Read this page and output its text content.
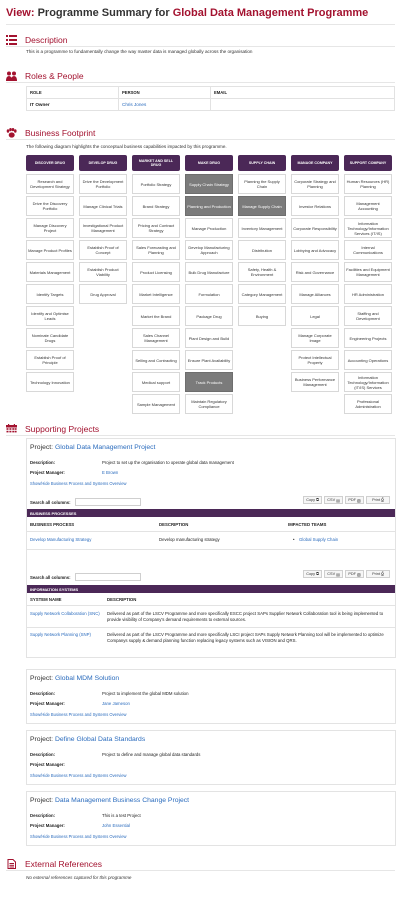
View: Programme Summary for Global Data Management Programme
Description
This is a programme to fundamentally change the way master data is managed globally across the organisation
Roles & People
ROLE	PERSON	EMAIL
IT Owner	Chris Jones	
Business Footprint
The following diagram highlights the conceptual business capabilities impacted by this programme.
DISCOVER DRUG
Research and Development Strategy
Drive the Discovery Portfolio
Manage Discovery Project
Manage Product Profiles
Materials Management
Identify Targets
Identify and Optimise Leads
Nominate Candidate Drugs
Establish Proof of Principle
Technology Innovation
DEVELOP DRUG
Drive the Development Portfolio
Manage Clinical Trials
Investigational Product Management
Establish Proof of Concept
Establish Product Viability
Drug Approval
MARKET AND SELL DRUG
Portfolio Strategy
Brand Strategy
Pricing and Contract Strategy
Sales Forecasting and Planning
Product Licensing
Market Intelligence
Market the Brand
Sales Channel Management
Selling and Contracting
Medical support
Sample Management
MAKE DRUG
Supply Chain Strategy
Planning and Production
Manage Production
Develop Manufacturing Approach
Bulk Drug Manufacture
Formulation
Package Drug
Plant Design and Build
Ensure Plant Availability
Track Products
Maintain Regulatory Compliance
SUPPLY CHAIN
Planning the Supply Chain
Manage Supply Chain
Inventory Management
Distribution
Safety, Health & Environment
Category Management
Buying
MANAGE COMPANY
Corporate Strategy and Planning
Investor Relations
Corporate Responsibility
Lobbying and Advocacy
Risk and Governance
Manage Alliances
Legal
Manage Corporate Image
Protect Intellectual Property
Business Performance Management
SUPPORT COMPANY
Human Resources (HR) Planning
Management Accounting
Information Technology/Information Services (IT/IS)
Internal Communications
Facilities and Equipment Management
HR Administration
Staffing and Development
Engineering Projects
Accounting Operations
Information Technology/Information (IT/IS) Services
Professional Administration
Supporting Projects
Project: Global Data Management Project
Description:	Project to set up the organisation to operate global data management
Project Manager:	E Brown
Show/Hide Business Process and Systems Overview
Search all columns:	Copy ⧉ CSV ▤ PDF ▧	Print ⎙
BUSINESS PROCESSES
BUSINESS PROCESS	DESCRIPTION	IMPACTED TEAMS
Develop Manufacturing Strategy	Develop manufacturing strategy	• Global Supply Chain
Search all columns:
Copy ⧉ CSV ▤ PDF ▧	Print ⎙
INFORMATION SYSTEMS
SYSTEM NAME	DESCRIPTION
Supply Network Collaboration (SNC)	Delivered as part of the LSCV Programme and more specifically ESCC project SAPs Supplier Network Collaboration tool is being implemented to provide visibility of Company's demand requirements to external sources.
Supply Network Planning (SNP)	Delivered as part of the LSCV Programme and more specifically LSCI project SAPs Supply Network Planning tool will be implemented to optimize Companys supply & demand planning function replacing legacy systems such as VISION and QRS.
Project: Global MDM Solution
Description:	Project to implement the global MDM solution
Project Manager:	Jane Jameson
Show/Hide Business Process and Systems Overview
Project: Define Global Data Standards
Description:	Project to define and manage global data standards
Project Manager:
Show/Hide Business Process and Systems Overview
Project: Data Management Business Change Project
Description:	This is a test Project
Project Manager:	John Essential
Show/Hide Business Process and Systems Overview
External References
No external references captured for this programme
